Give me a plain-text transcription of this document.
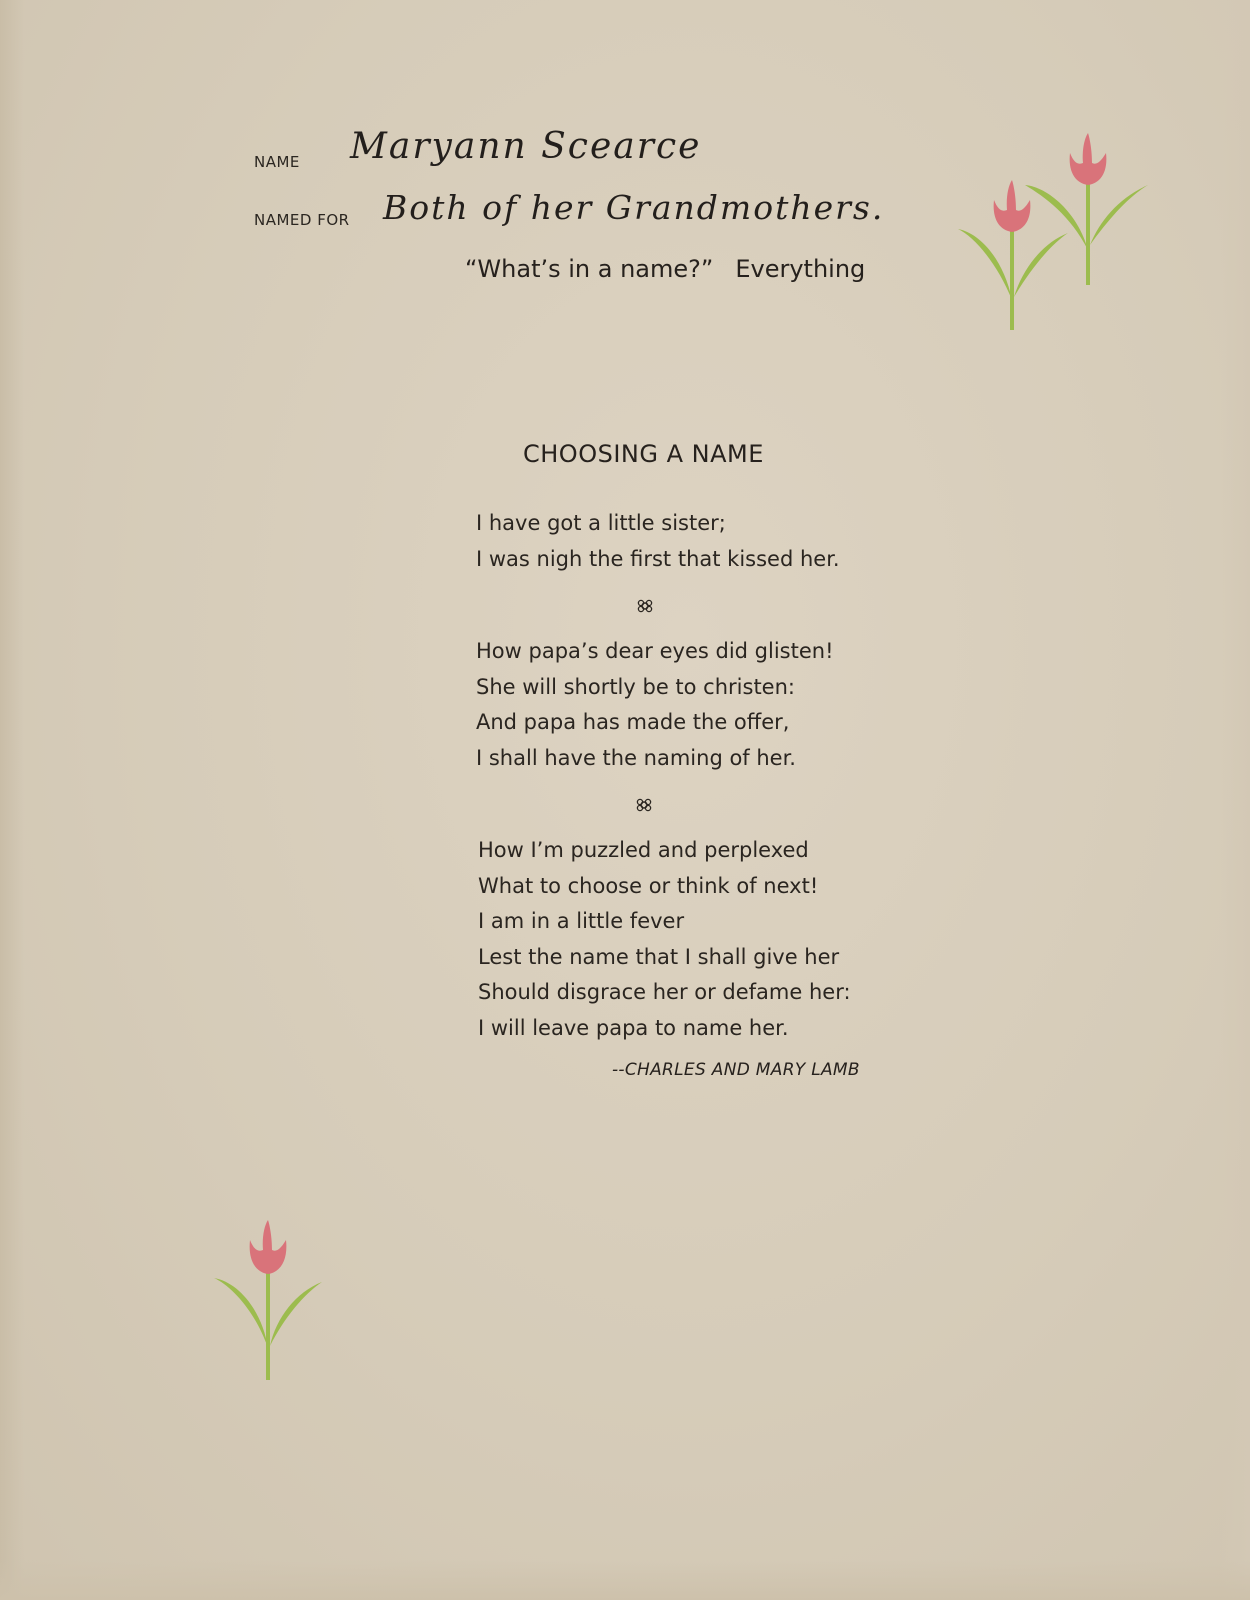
NAME Maryann Scearce
NAMED FOR Both of her Grandmothers.
“What’s in a name?” Everything
CHOOSING A NAME
I have got a little sister;
I was nigh the first that kissed her.
How papa’s dear eyes did glisten!
She will shortly be to christen:
And papa has made the offer,
I shall have the naming of her.
How I’m puzzled and perplexed
What to choose or think of next!
I am in a little fever
Lest the name that I shall give her
Should disgrace her or defame her:
I will leave papa to name her.
--CHARLES AND MARY LAMB
